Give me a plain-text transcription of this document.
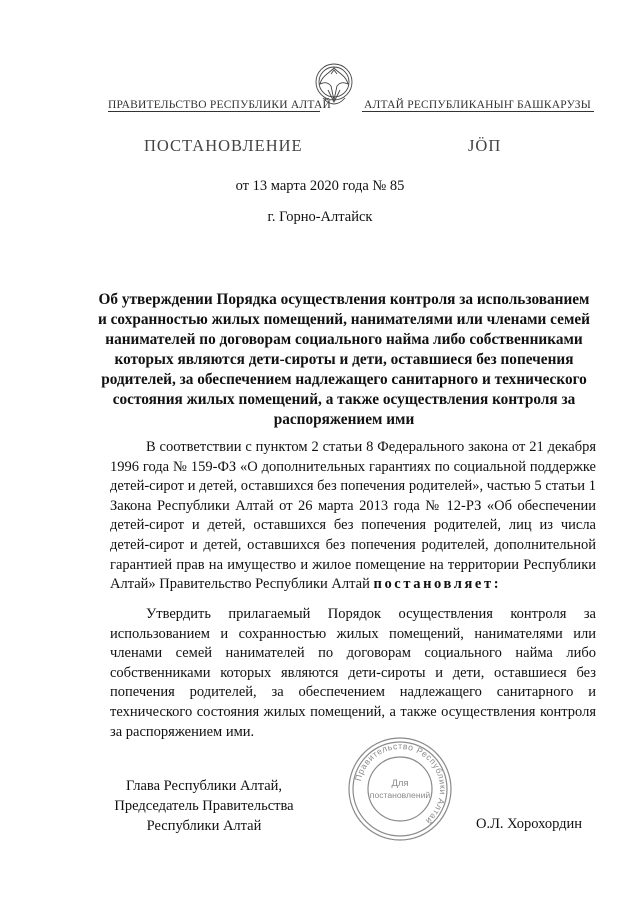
ПРАВИТЕЛЬСТВО РЕСПУБЛИКИ АЛТАЙ	АЛТАЙ РЕСПУБЛИКАНЫҤ БАШКАРУЗЫ
ПОСТАНОВЛЕНИЕ	ЈӦП
от 13 марта 2020 года № 85
г. Горно-Алтайск
Об утверждении Порядка осуществления контроля за использованием и сохранностью жилых помещений, нанимателями или членами семей нанимателей по договорам социального найма либо собственниками которых являются дети-сироты и дети, оставшиеся без попечения родителей, за обеспечением надлежащего санитарного и технического состояния жилых помещений, а также осуществления контроля за распоряжением ими
В соответствии с пунктом 2 статьи 8 Федерального закона от 21 декабря 1996 года № 159-ФЗ «О дополнительных гарантиях по социальной поддержке детей-сирот и детей, оставшихся без попечения родителей», частью 5 статьи 1 Закона Республики Алтай от 26 марта 2013 года № 12-РЗ «Об обеспечении детей-сирот и детей, оставшихся без попечения родителей, лиц из числа детей-сирот и детей, оставшихся без попечения родителей, дополнительной гарантией прав на имущество и жилое помещение на территории Республики Алтай» Правительство Республики Алтай постановляет:
Утвердить прилагаемый Порядок осуществления контроля за использованием и сохранностью жилых помещений, нанимателями или членами семей нанимателей по договорам социального найма либо собственниками которых являются дети-сироты и дети, оставшиеся без попечения родителей, за обеспечением надлежащего санитарного и технического состояния жилых помещений, а также осуществления контроля за распоряжением ими.
Глава Республики Алтай,
Председатель Правительства
Республики Алтай	О.Л. Хорохордин
Правительство Республики Алтай
Для
постановлений
